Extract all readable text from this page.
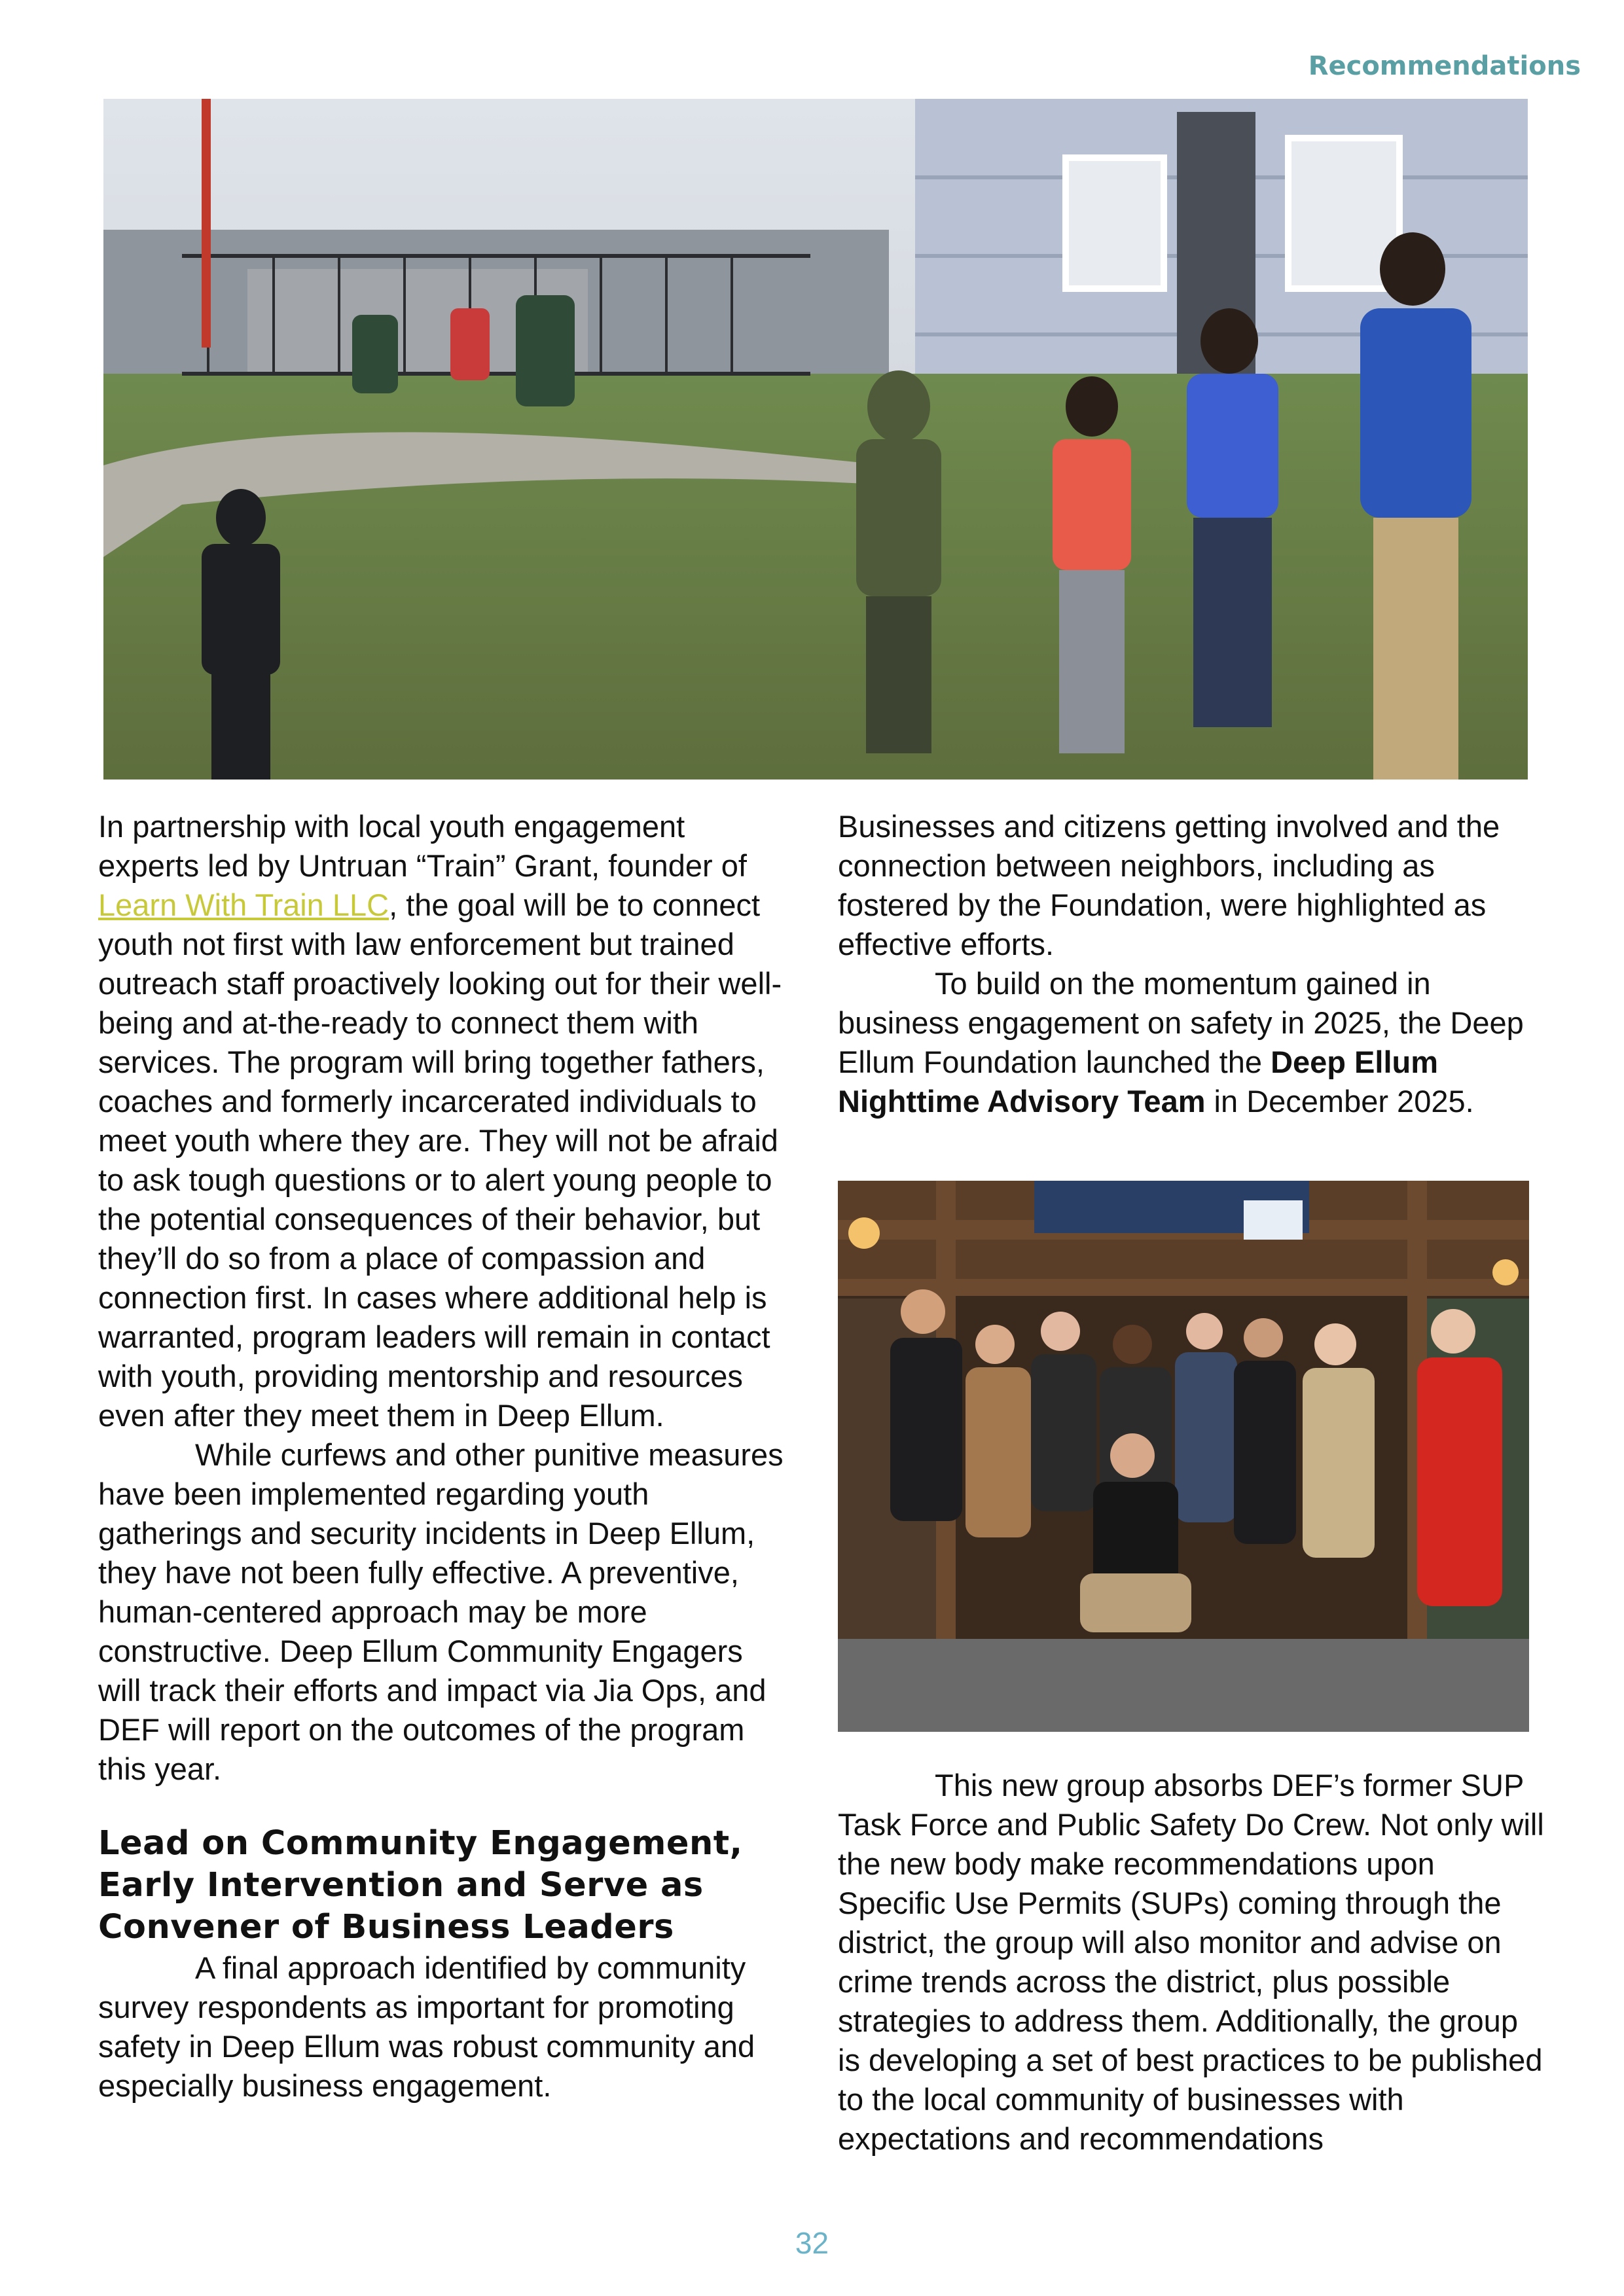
Recommendations

In partnership with local youth engagement experts led by Untruan “Train” Grant, founder of Learn With Train LLC, the goal will be to connect youth not first with law enforcement but trained outreach staff proactively looking out for their well-being and at-the-ready to connect them with services. The program will bring together fathers, coaches and formerly incarcerated individuals to meet youth where they are. They will not be afraid to ask tough questions or to alert young people to the potential consequences of their behavior, but they’ll do so from a place of compassion and connection first. In cases where additional help is warranted, program leaders will remain in contact with youth, providing mentorship and resources even after they meet them in Deep Ellum.

While curfews and other punitive measures have been implemented regarding youth gatherings and security incidents in Deep Ellum, they have not been fully effective. A preventive, human-centered approach may be more constructive. Deep Ellum Community Engagers will track their efforts and impact via Jia Ops, and DEF will report on the outcomes of the program this year.

Lead on Community Engagement, Early Intervention and Serve as Convener of Business Leaders

A final approach identified by community survey respondents as important for promoting safety in Deep Ellum was robust community and especially business engagement.

Businesses and citizens getting involved and the connection between neighbors, including as fostered by the Foundation, were highlighted as effective efforts.

To build on the momentum gained in business engagement on safety in 2025, the Deep Ellum Foundation launched the Deep Ellum Nighttime Advisory Team in December 2025.

This new group absorbs DEF’s former SUP Task Force and Public Safety Do Crew. Not only will the new body make recommendations upon Specific Use Permits (SUPs) coming through the district, the group will also monitor and advise on crime trends across the district, plus possible strategies to address them. Additionally, the group is developing a set of best practices to be published to the local community of businesses with expectations and recommendations

32
